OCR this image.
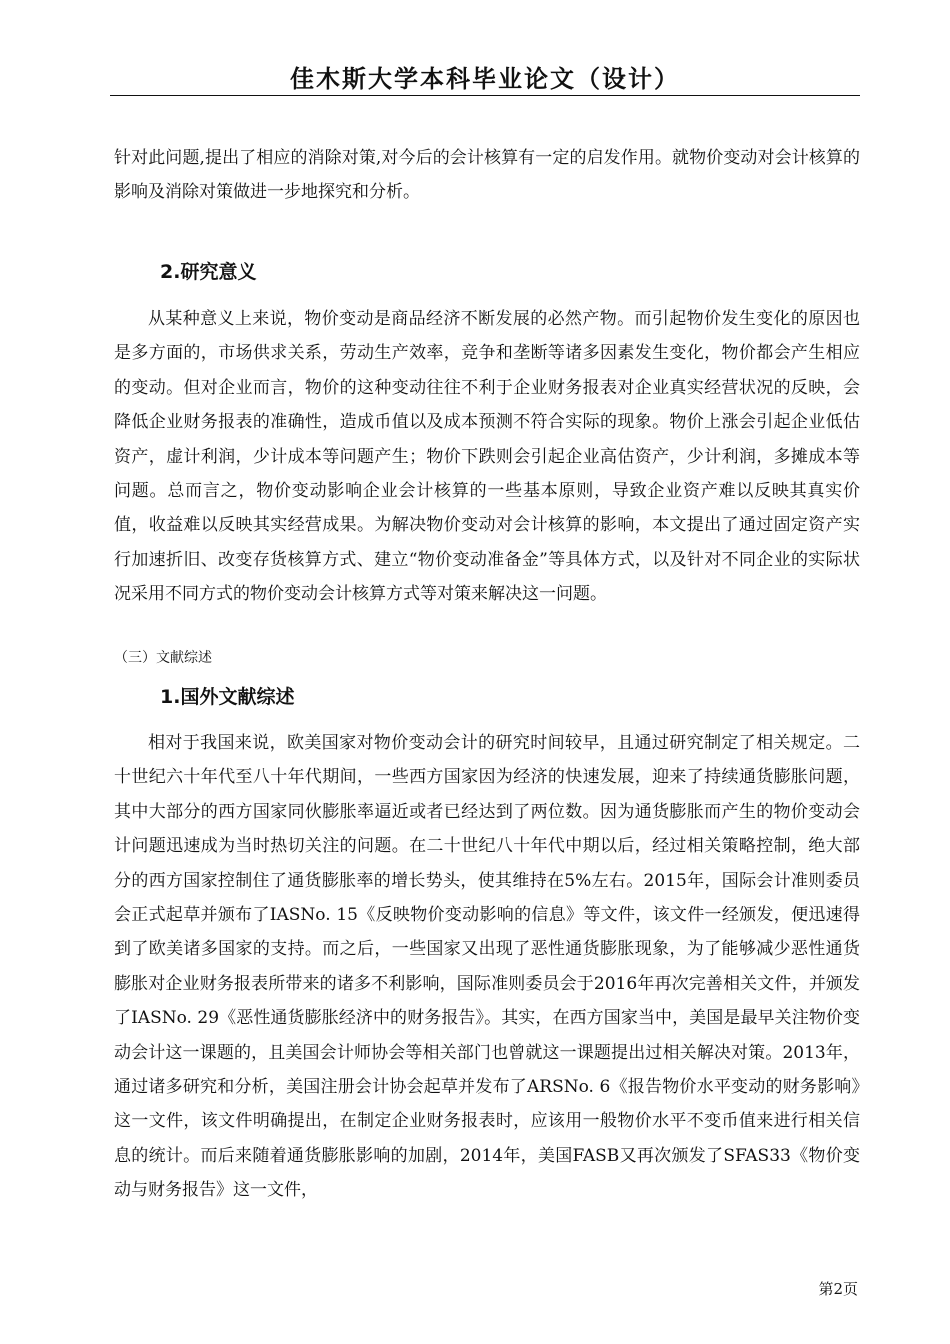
佳木斯大学本科毕业论文（设计）

针对此问题,提出了相应的消除对策,对今后的会计核算有一定的启发作用。就物价变动对会计核算的影响及消除对策做进一步地探究和分析。

2.研究意义

从某种意义上来说，物价变动是商品经济不断发展的必然产物。而引起物价发生变化的原因也是多方面的，市场供求关系，劳动生产效率，竞争和垄断等诸多因素发生变化，物价都会产生相应的变动。但对企业而言，物价的这种变动往往不利于企业财务报表对企业真实经营状况的反映，会降低企业财务报表的准确性，造成币值以及成本预测不符合实际的现象。物价上涨会引起企业低估资产，虚计利润，少计成本等问题产生；物价下跌则会引起企业高估资产，少计利润，多摊成本等问题。总而言之，物价变动影响企业会计核算的一些基本原则，导致企业资产难以反映其真实价值，收益难以反映其实经营成果。为解决物价变动对会计核算的影响，本文提出了通过固定资产实行加速折旧、改变存货核算方式、建立“物价变动准备金”等具体方式，以及针对不同企业的实际状况采用不同方式的物价变动会计核算方式等对策来解决这一问题。

（三）文献综述
1.国外文献综述

相对于我国来说，欧美国家对物价变动会计的研究时间较早，且通过研究制定了相关规定。二十世纪六十年代至八十年代期间，一些西方国家因为经济的快速发展，迎来了持续通货膨胀问题，其中大部分的西方国家同伙膨胀率逼近或者已经达到了两位数。因为通货膨胀而产生的物价变动会计问题迅速成为当时热切关注的问题。在二十世纪八十年代中期以后，经过相关策略控制，绝大部分的西方国家控制住了通货膨胀率的增长势头，使其维持在5%左右。2015年，国际会计准则委员会正式起草并颁布了IASNo. 15《反映物价变动影响的信息》等文件，该文件一经颁发，便迅速得到了欧美诸多国家的支持。而之后，一些国家又出现了恶性通货膨胀现象，为了能够减少恶性通货膨胀对企业财务报表所带来的诸多不利影响，国际准则委员会于2016年再次完善相关文件，并颁发了IASNo. 29《恶性通货膨胀经济中的财务报告》。其实，在西方国家当中，美国是最早关注物价变动会计这一课题的，且美国会计师协会等相关部门也曾就这一课题提出过相关解决对策。2013年，通过诸多研究和分析，美国注册会计协会起草并发布了ARSNo. 6《报告物价水平变动的财务影响》这一文件，该文件明确提出，在制定企业财务报表时，应该用一般物价水平不变币值来进行相关信息的统计。而后来随着通货膨胀影响的加剧，2014年，美国FASB又再次颁发了SFAS33《物价变动与财务报告》这一文件，

第2页
